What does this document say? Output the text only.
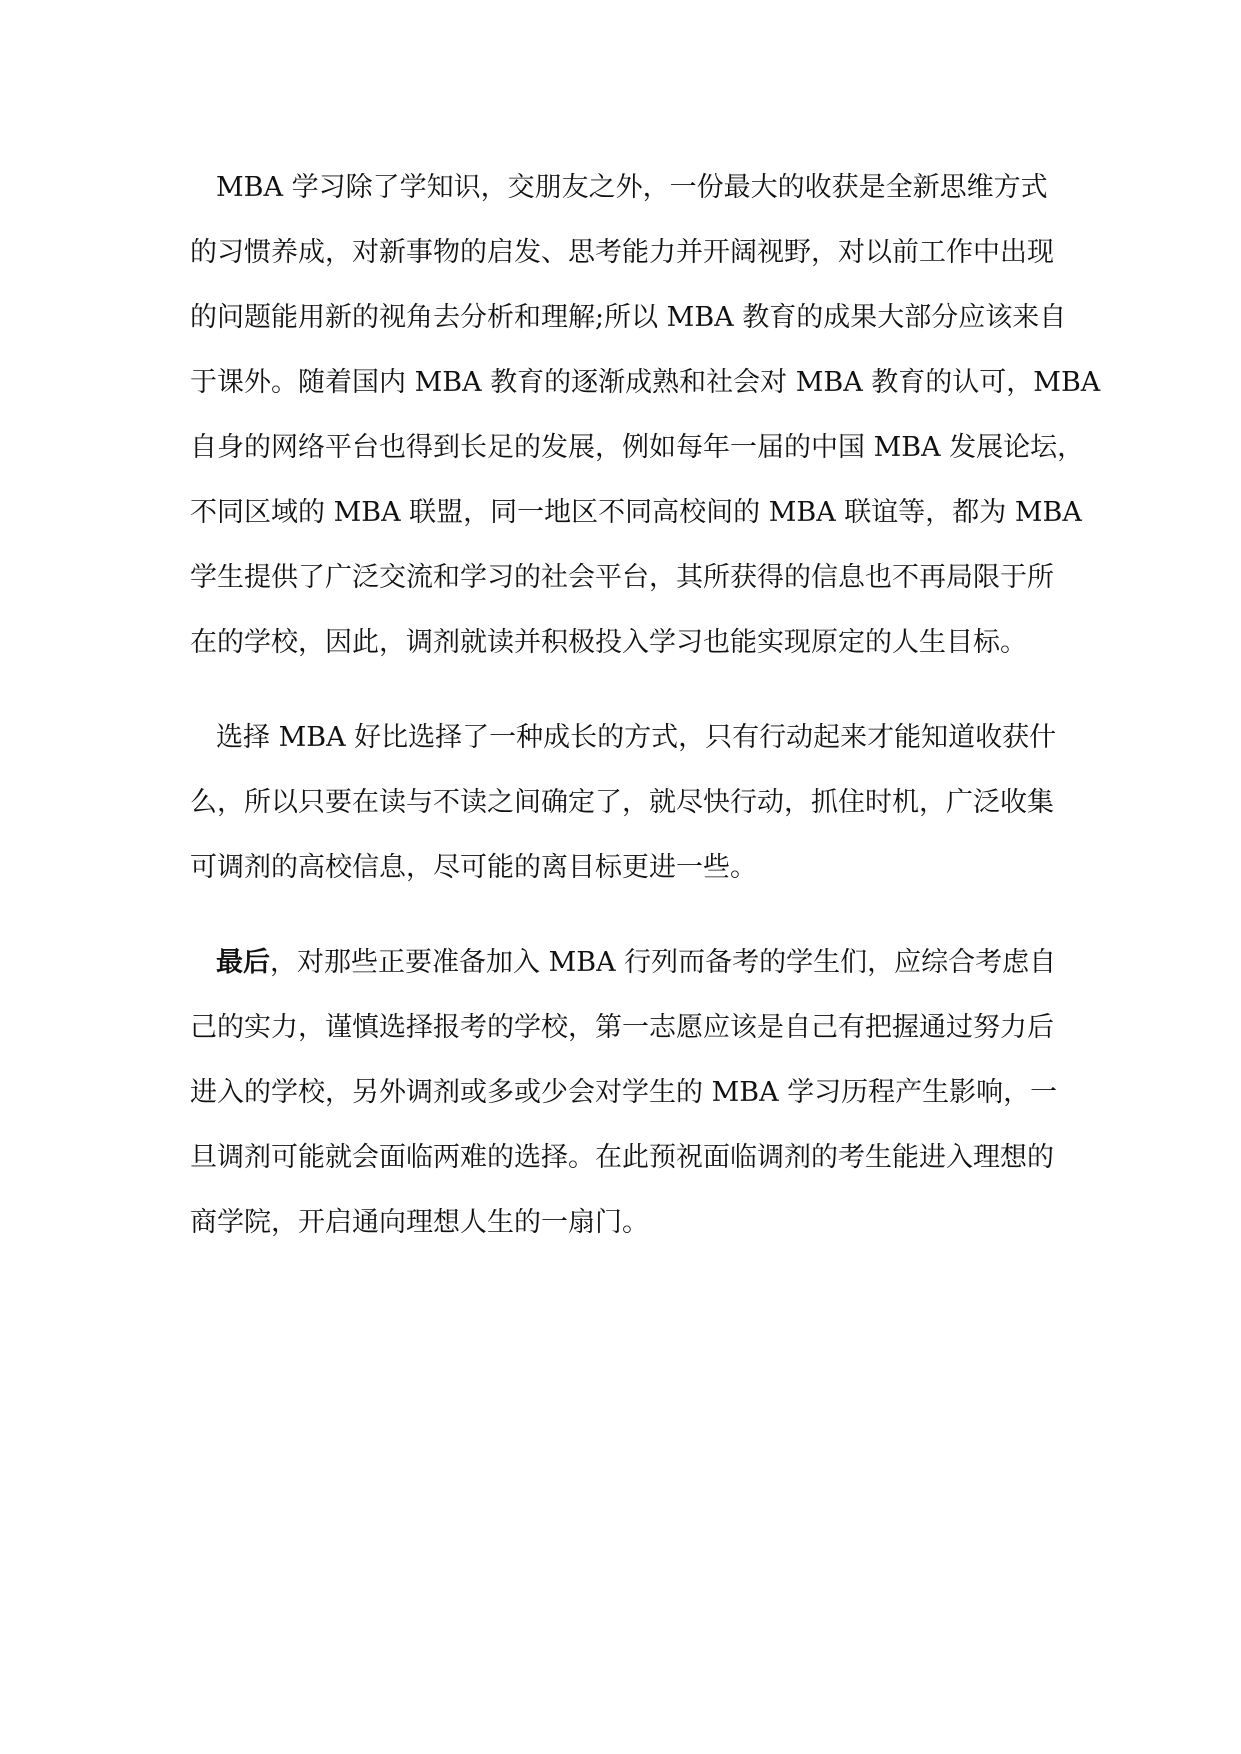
MBA 学习除了学知识，交朋友之外，一份最大的收获是全新思维方式
的习惯养成，对新事物的启发、思考能力并开阔视野，对以前工作中出现
的问题能用新的视角去分析和理解;所以 MBA 教育的成果大部分应该来自
于课外。随着国内 MBA 教育的逐渐成熟和社会对 MBA 教育的认可，MBA
自身的网络平台也得到长足的发展，例如每年一届的中国 MBA 发展论坛，
不同区域的 MBA 联盟，同一地区不同高校间的 MBA 联谊等，都为 MBA
学生提供了广泛交流和学习的社会平台，其所获得的信息也不再局限于所
在的学校，因此，调剂就读并积极投入学习也能实现原定的人生目标。
选择 MBA 好比选择了一种成长的方式，只有行动起来才能知道收获什
么，所以只要在读与不读之间确定了，就尽快行动，抓住时机，广泛收集
可调剂的高校信息，尽可能的离目标更进一些。
最后，对那些正要准备加入 MBA 行列而备考的学生们，应综合考虑自
己的实力，谨慎选择报考的学校，第一志愿应该是自己有把握通过努力后
进入的学校，另外调剂或多或少会对学生的 MBA 学习历程产生影响，一
旦调剂可能就会面临两难的选择。在此预祝面临调剂的考生能进入理想的
商学院，开启通向理想人生的一扇门。
